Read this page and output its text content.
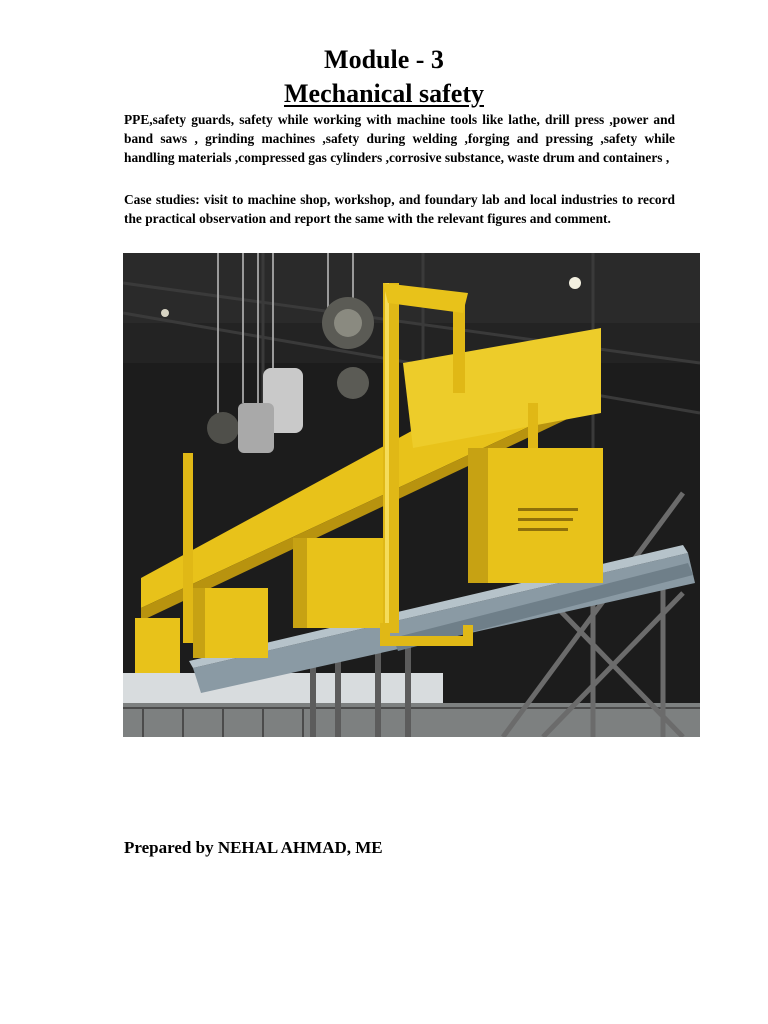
Module - 3
Mechanical safety

PPE,safety guards, safety while working with machine tools like lathe, drill press ,power and band saws , grinding machines ,safety during welding ,forging and pressing ,safety while handling materials ,compressed gas cylinders ,corrosive substance, waste drum and containers ,

Case studies: visit to machine shop, workshop, and foundary lab and local industries to record the practical observation and report the same with the relevant figures and comment.

Prepared by NEHAL AHMAD, ME
